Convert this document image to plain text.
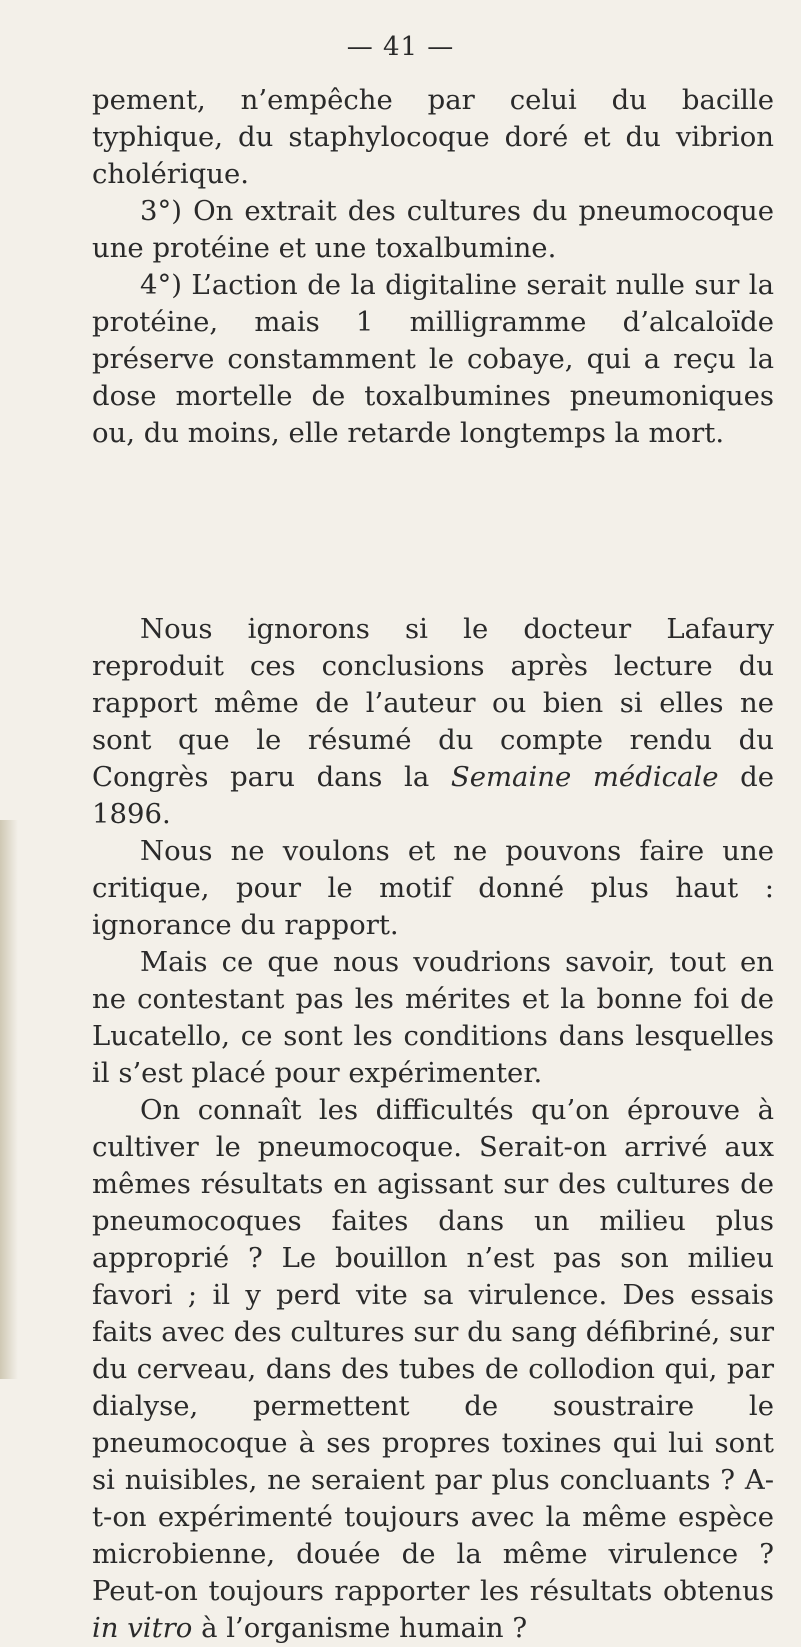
— 41 —

pement, n’empêche par celui du bacille typhique, du staphylocoque doré et du vibrion cholérique.

3°) On extrait des cultures du pneumocoque une protéine et une toxalbumine.

4°) L’action de la digitaline serait nulle sur la protéine, mais 1 milligramme d’alcaloïde préserve constamment le cobaye, qui a reçu la dose mortelle de toxalbumines pneumoniques ou, du moins, elle retarde longtemps la mort.

Nous ignorons si le docteur Lafaury reproduit ces conclusions après lecture du rapport même de l’auteur ou bien si elles ne sont que le résumé du compte rendu du Congrès paru dans la Semaine médicale de 1896.

Nous ne voulons et ne pouvons faire une critique, pour le motif donné plus haut : ignorance du rapport.

Mais ce que nous voudrions savoir, tout en ne contestant pas les mérites et la bonne foi de Lucatello, ce sont les conditions dans lesquelles il s’est placé pour expérimenter.

On connaît les difficultés qu’on éprouve à cultiver le pneumocoque. Serait-on arrivé aux mêmes résultats en agissant sur des cultures de pneumocoques faites dans un milieu plus approprié ? Le bouillon n’est pas son milieu favori ; il y perd vite sa virulence. Des essais faits avec des cultures sur du sang défibriné, sur du cerveau, dans des tubes de collodion qui, par dialyse, permettent de soustraire le pneumocoque à ses propres toxines qui lui sont si nuisibles, ne seraient par plus concluants ? A-t-on expérimenté toujours avec la même espèce microbienne, douée de la même virulence ? Peut-on toujours rapporter les résultats obtenus in vitro à l’organisme humain ?
